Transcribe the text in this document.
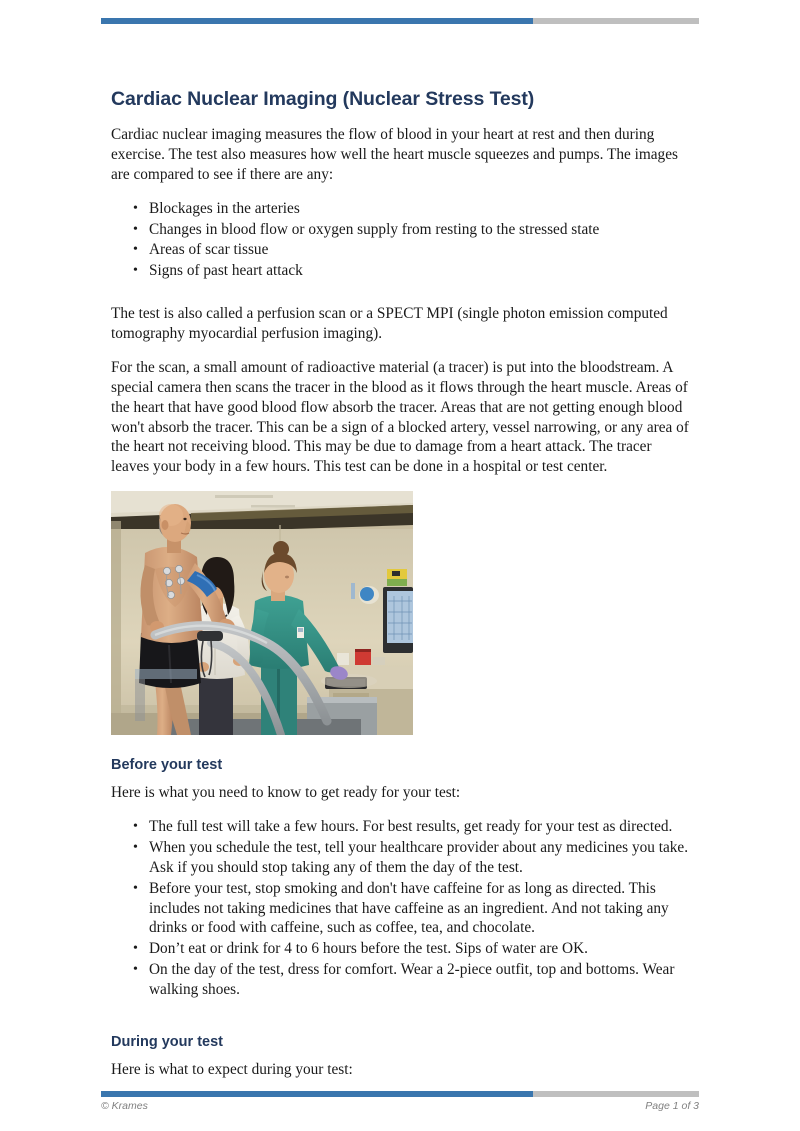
Cardiac Nuclear Imaging (Nuclear Stress Test)

Cardiac nuclear imaging measures the flow of blood in your heart at rest and then during exercise. The test also measures how well the heart muscle squeezes and pumps. The images are compared to see if there are any:

• Blockages in the arteries
• Changes in blood flow or oxygen supply from resting to the stressed state
• Areas of scar tissue
• Signs of past heart attack

The test is also called a perfusion scan or a SPECT MPI (single photon emission computed tomography myocardial perfusion imaging).

For the scan, a small amount of radioactive material (a tracer) is put into the bloodstream. A special camera then scans the tracer in the blood as it flows through the heart muscle. Areas of the heart that have good blood flow absorb the tracer. Areas that are not getting enough blood won't absorb the tracer. This can be a sign of a blocked artery, vessel narrowing, or any area of the heart not receiving blood. This may be due to damage from a heart attack. The tracer leaves your body in a few hours. This test can be done in a hospital or test center.

Before your test

Here is what you need to know to get ready for your test:

• The full test will take a few hours. For best results, get ready for your test as directed.
• When you schedule the test, tell your healthcare provider about any medicines you take. Ask if you should stop taking any of them the day of the test.
• Before your test, stop smoking and don't have caffeine for as long as directed. This includes not taking medicines that have caffeine as an ingredient. And not taking any drinks or food with caffeine, such as coffee, tea, and chocolate.
• Don’t eat or drink for 4 to 6 hours before the test. Sips of water are OK.
• On the day of the test, dress for comfort. Wear a 2-piece outfit, top and bottoms. Wear walking shoes.
During your test

Here is what to expect during your test:

© Krames	Page 1 of 3
